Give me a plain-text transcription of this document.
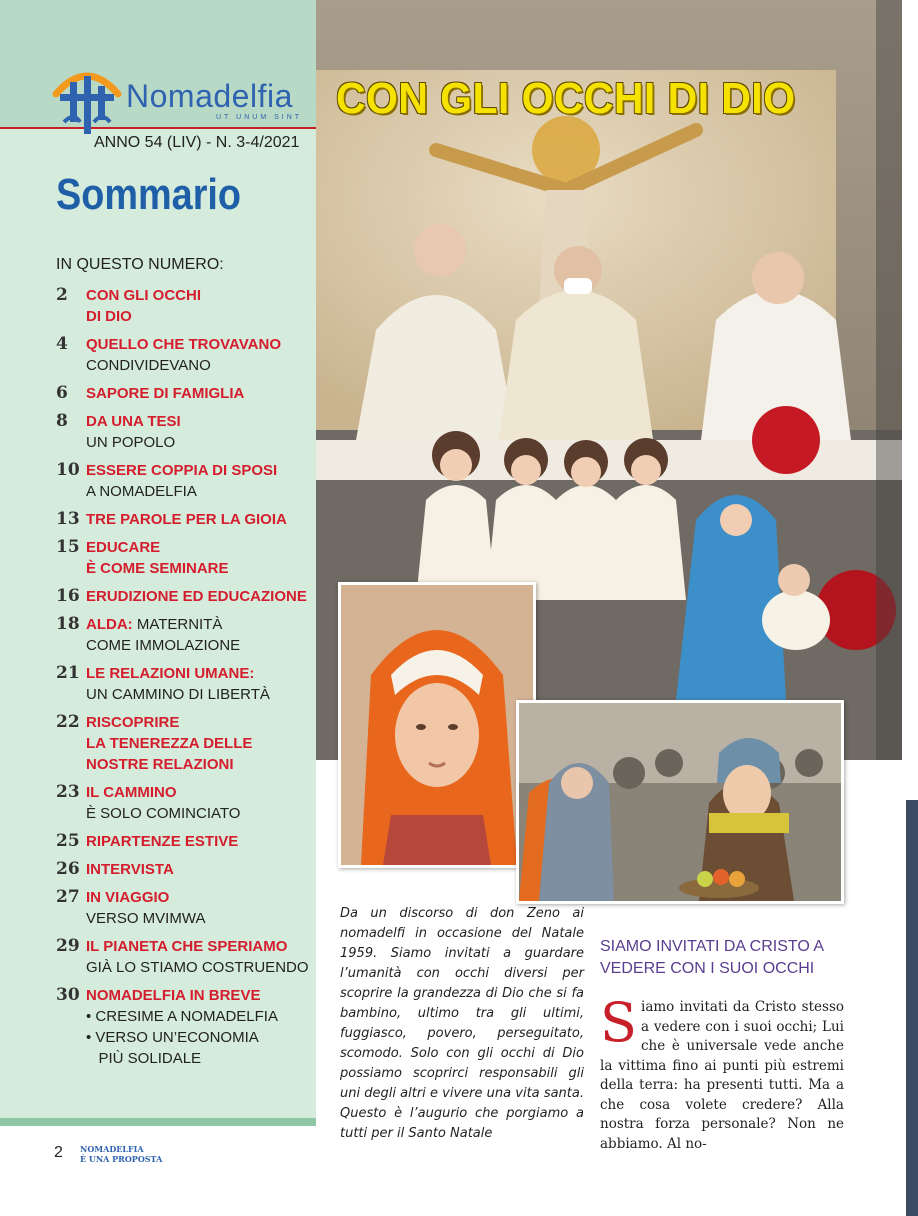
Nomadelfia
UT UNUM SINT
ANNO 54 (LIV) - N. 3-4/2021
Sommario
IN QUESTO NUMERO:
2 CON GLI OCCHI
DI DIO
4 QUELLO CHE TROVAVANO
CONDIVIDEVANO
6 SAPORE DI FAMIGLIA
8 DA UNA TESI
UN POPOLO
10 ESSERE COPPIA DI SPOSI
A NOMADELFIA
13 TRE PAROLE PER LA GIOIA
15 EDUCARE
È COME SEMINARE
16 ERUDIZIONE ED EDUCAZIONE
18 ALDA: MATERNITÀ
COME IMMOLAZIONE
21 LE RELAZIONI UMANE:
UN CAMMINO DI LIBERTÀ
22 RISCOPRIRE
LA TENEREZZA DELLE
NOSTRE RELAZIONI
23 IL CAMMINO
È SOLO COMINCIATO
25 RIPARTENZE ESTIVE
26 INTERVISTA
27 IN VIAGGIO
VERSO MVIMWA
29 IL PIANETA CHE SPERIAMO
GIÀ LO STIAMO COSTRUENDO
30 NOMADELFIA IN BREVE
• CRESIME A NOMADELFIA
• VERSO UN’ECONOMIA
PIÙ SOLIDALE
CON GLI OCCHI DI DIO
Da un discorso di don Zeno ai nomadelfi in occasione del Natale 1959. Siamo invitati a guardare l’umanità con occhi diversi per scoprire la grandezza di Dio che si fa bambino, ultimo tra gli ultimi, fuggiasco, povero, perseguitato, scomodo. Solo con gli occhi di Dio possiamo scoprirci responsabili gli uni degli altri e vivere una vita santa. Questo è l’augurio che porgiamo a tutti per il Santo Natale
SIAMO INVITATI DA CRISTO A VEDERE CON I SUOI OCCHI
Siamo invitati da Cristo stesso a vedere con i suoi occhi; Lui che è universale vede anche la vittima fino ai punti più estremi della terra: ha presenti tutti. Ma a che cosa volete credere? Alla nostra forza personale? Non ne abbiamo. Al no-
2 NOMADELFIA
È UNA PROPOSTA
